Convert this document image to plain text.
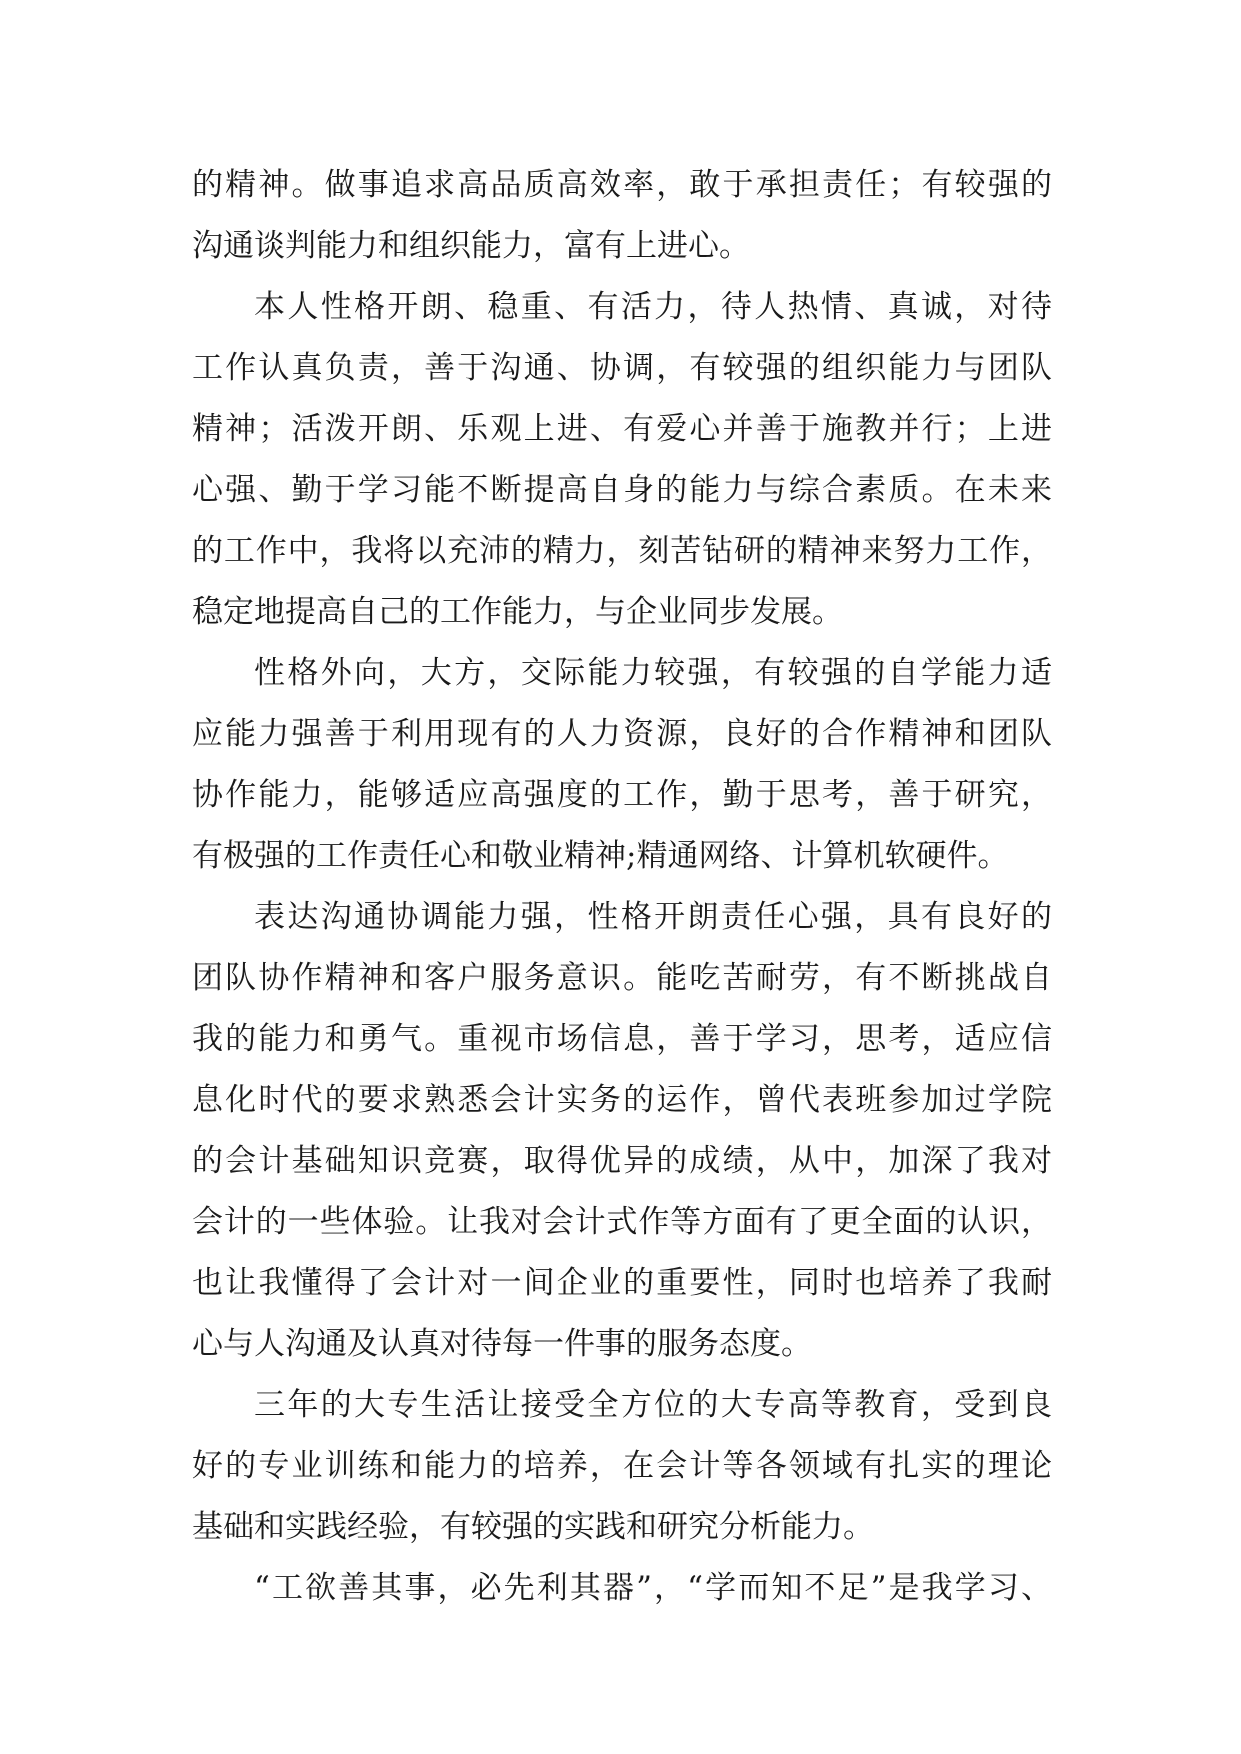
的精神。做事追求高品质高效率，敢于承担责任；有较强的
沟通谈判能力和组织能力，富有上进心。
本人性格开朗、稳重、有活力，待人热情、真诚，对待
工作认真负责，善于沟通、协调，有较强的组织能力与团队
精神；活泼开朗、乐观上进、有爱心并善于施教并行；上进
心强、勤于学习能不断提高自身的能力与综合素质。在未来
的工作中，我将以充沛的精力，刻苦钻研的精神来努力工作，
稳定地提高自己的工作能力，与企业同步发展。
性格外向，大方，交际能力较强，有较强的自学能力适
应能力强善于利用现有的人力资源，良好的合作精神和团队
协作能力，能够适应高强度的工作，勤于思考，善于研究，
有极强的工作责任心和敬业精神;精通网络、计算机软硬件。
表达沟通协调能力强，性格开朗责任心强，具有良好的
团队协作精神和客户服务意识。能吃苦耐劳，有不断挑战自
我的能力和勇气。重视市场信息，善于学习，思考，适应信
息化时代的要求熟悉会计实务的运作，曾代表班参加过学院
的会计基础知识竞赛，取得优异的成绩，从中，加深了我对
会计的一些体验。让我对会计式作等方面有了更全面的认识，
也让我懂得了会计对一间企业的重要性，同时也培养了我耐
心与人沟通及认真对待每一件事的服务态度。
三年的大专生活让接受全方位的大专高等教育，受到良
好的专业训练和能力的培养，在会计等各领域有扎实的理论
基础和实践经验，有较强的实践和研究分析能力。
“工欲善其事，必先利其器”，“学而知不足”是我学习、
